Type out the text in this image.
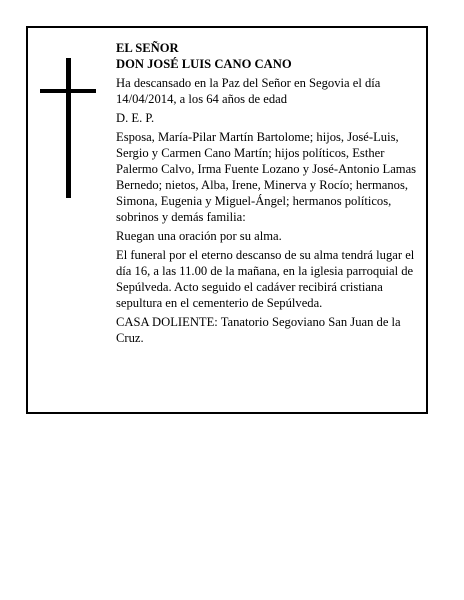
EL SEÑOR

DON JOSÉ LUIS CANO CANO

Ha descansado en la Paz del Señor en Segovia el día 14/04/2014, a los 64 años de edad

D. E. P.

Esposa, María-Pilar Martín Bartolome; hijos, José-Luis, Sergio y Carmen Cano Martín; hijos políticos, Esther Palermo Calvo, Irma Fuente Lozano y José-Antonio Lamas Bernedo; nietos, Alba, Irene, Minerva y Rocío; hermanos, Simona, Eugenia y Miguel-Ángel; hermanos políticos, sobrinos y demás familia:

Ruegan una oración por su alma.

El funeral por el eterno descanso de su alma tendrá lugar el día 16, a las 11.00 de la mañana, en la iglesia parroquial de Sepúlveda. Acto seguido el cadáver recibirá cristiana sepultura en el cementerio de Sepúlveda.

CASA DOLIENTE: Tanatorio Segoviano San Juan de la Cruz.
